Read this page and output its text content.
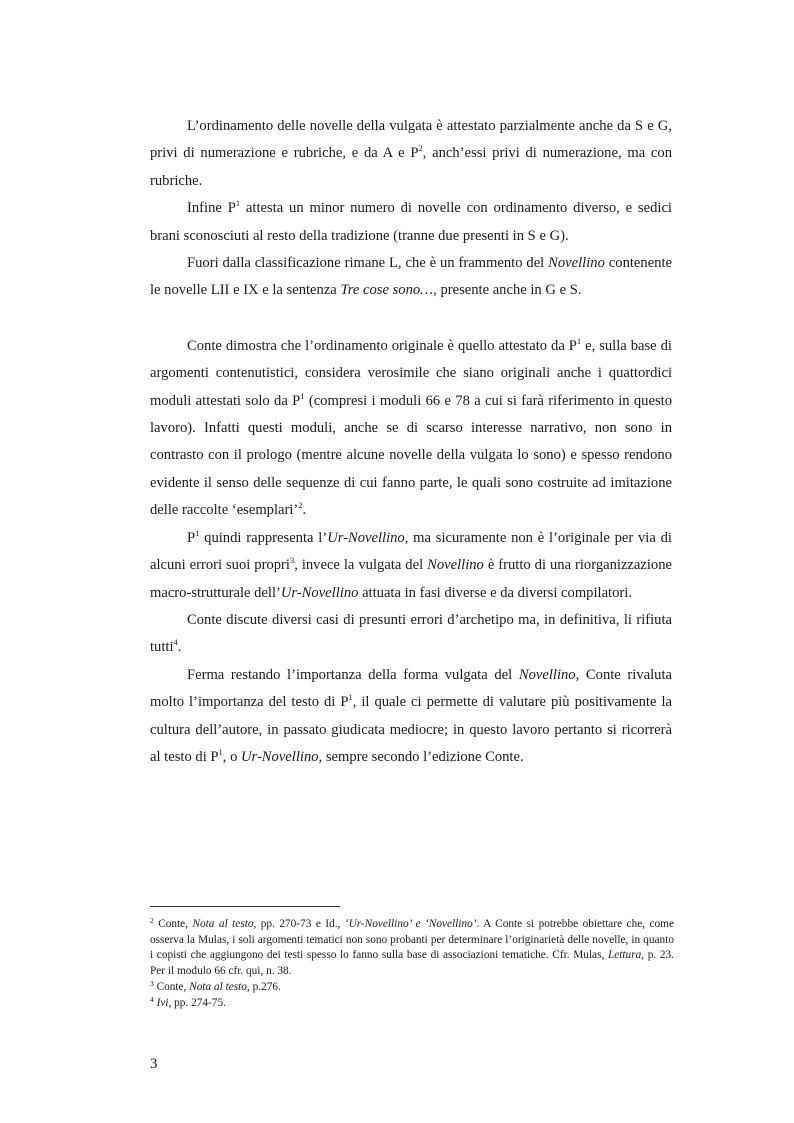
L’ordinamento delle novelle della vulgata è attestato parzialmente anche da S e G, privi di numerazione e rubriche, e da A e $P^2$, anch’essi privi di numerazione, ma con rubriche.

Infine $P^1$ attesta un minor numero di novelle con ordinamento diverso, e sedici brani sconosciuti al resto della tradizione (tranne due presenti in S e G).

Fuori dalla classificazione rimane L, che è un frammento del Novellino contenente le novelle LII e IX e la sentenza Tre cose sono…, presente anche in G e S.

Conte dimostra che l’ordinamento originale è quello attestato da $P^1$ e, sulla base di argomenti contenutistici, considera verosimile che siano originali anche i quattordici moduli attestati solo da $P^1$ (compresi i moduli 66 e 78 a cui si farà riferimento in questo lavoro). Infatti questi moduli, anche se di scarso interesse narrativo, non sono in contrasto con il prologo (mentre alcune novelle della vulgata lo sono) e spesso rendono evidente il senso delle sequenze di cui fanno parte, le quali sono costruite ad imitazione delle raccolte ‘esemplari’$^2$.

$P^1$ quindi rappresenta l’Ur-Novellino, ma sicuramente non è l’originale per via di alcuni errori suoi propri$^3$, invece la vulgata del Novellino è frutto di una riorganizzazione macro-strutturale dell’Ur-Novellino attuata in fasi diverse e da diversi compilatori.

Conte discute diversi casi di presunti errori d’archetipo ma, in definitiva, li rifiuta tutti$^4$.

Ferma restando l’importanza della forma vulgata del Novellino, Conte rivaluta molto l’importanza del testo di $P^1$, il quale ci permette di valutare più positivamente la cultura dell’autore, in passato giudicata mediocre; in questo lavoro pertanto si ricorrerà al testo di $P^1$, o Ur-Novellino, sempre secondo l’edizione Conte.

$^2$ Conte, Nota al testo, pp. 270-73 e Id., ‘Ur-Novellino’ e ‘Novellino’. A Conte si potrebbe obiettare che, come osserva la Mulas, i soli argomenti tematici non sono probanti per determinare l’originarietà delle novelle, in quanto i copisti che aggiungono dei testi spesso lo fanno sulla base di associazioni tematiche. Cfr. Mulas, Lettura, p. 23. Per il modulo 66 cfr. qui, n. 38.

$^3$ Conte, Nota al testo, p.276.

$^4$ Ivi, pp. 274-75.

3
